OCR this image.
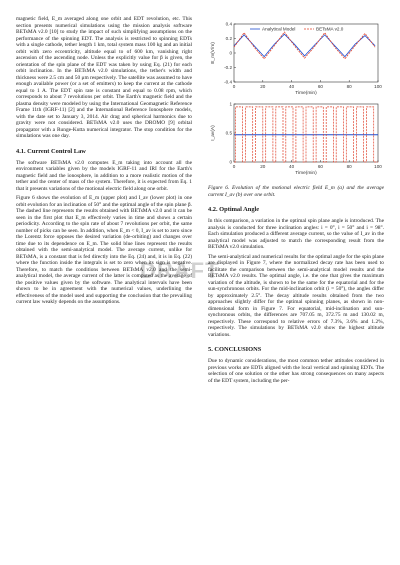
magnetic field, E_m averaged along one orbit and EDT revolution, etc. This section presents numerical simulations using the mission analysis software BETsMA v2.0 [10] to study the impact of such simplifying assumptions on the performance of the spinning EDT. The analysis is restricted to spinning EDTs with a single cathode, tether length 1 km, total system mass 100 kg and an initial orbit with zero eccentricity, altitude equal to of 600 km, vanishing right ascension of the ascending node. Unless the explicitly value for β is given, the orientation of the spin plane of the EDT was taken by using Eq. (21) for each orbit inclination. In the BETsMA v2.0 simulations, the tether's width and thickness were 2.5 cm and 50 μm respectively. The satellite was assumed to have enough available power (or a set of emitters) to keep the current at the cathode equal to 1 A. The EDT spin rate is constant and equal to 0.08 rpm, which corresponds to about 7 revolutions per orbit. The Earth's magnetic field and the plasma density were modeled by using the International Geomagnetic Reference Frame 11th (IGRF-11) [2] and the International Reference Ionosphere models, with the date set to January 3, 2014. Air drag and spherical harmonics due to gravity were not considered. BETsMA v2.0 uses the DROMO [9] orbital propagator with a Runge-Kutta numerical integrator. The stop condition for the simulations was one day.

4.1. Current Control Law

The software BETsMA v2.0 computes E_m taking into account all the environment variables given by the models IGRF-11 and IRI for the Earth's magnetic field and the ionosphere, in addition to a more realistic motion of the tether and the center of mass of the system. Therefore, it is expected from Eq. 1 that it presents variations of the motional electric field along one orbit.

Figure 6 shows the evolution of E_m (upper plot) and I_av (lower plot) in one orbit evolution for an inclination of 50° and the optimal angle of the spin plane β. The dashed line represents the results obtained with BETsMA v2.0 and it can be seen in the first plot that E_m effectively varies in time and shows a certain periodicity. According to the spin rate of about 7 revolutions per orbit, the same number of picks can be seen. In addition, when E_m < 0, I_av is set to zero since the Lorentz force opposes the desired variation (de-orbiting) and changes over time due to its dependence on E_m. The solid blue lines represent the results obtained with the semi-analytical model. The average current, unlike for BETsMA, is a constant that is fed directly into the Eq. (24) and, it is in Eq. (22) where the function inside the integrals is set to zero when its sign is negative. Therefore, to match the conditions between BETsMA v2.0 and the semi-analytical model, the average current of the latter is computed as the average of the positive values given by the software. The analytical intervals have been shown to be in agreement with the numerical values, underlining the effectiveness of the model used and supporting the conclusion that the prevailing current law weakly depends on the assumptions.

0.4
0.2
0
-0.2
-0.4
0	20	40	60	80	100
Time(min)
E_m(V/m)
Analytical Model	BETsMA v2.0
1
0.5
0
0	20	40	60	80	100
Time(min)
I_av(A)
Figure 6. Evolution of the motional electric field E_m (a) and the average current I_av (b) over one orbit.
4.2. Optimal Angle

In this comparison, a variation in the optimal spin plane angle is introduced. The analysis is conducted for three inclination angles: i = 0°, i = 50° and i = 98°. Each simulation produced a different average current, so the value of I_av in the analytical model was adjusted to match the corresponding result from the BETsMA v2.0 simulation.

The semi-analytical and numerical results for the optimal angle for the spin plane are displayed in Figure 7, where the normalized decay rate has been used to facilitate the comparison between the semi-analytical model results and the BETsMA v2.0 results. The optimal angle, i.e. the one that gives the maximum variation of the altitude, is shown to be the same for the equatorial and for the sun-synchronous orbits. For the mid-inclination orbit (i = 50°), the angles differ by approximately 2.5°. The decay altitude results obtained from the two approaches slightly differ for the optimal spinning planes, as shown in non-dimensional form in Figure 7. For equatorial, mid-inclination and sun-synchronous orbits, the differences are 707.05 m, 372.75 m and 130.02 m, respectively. These correspond to relative errors of 7.3%, 3.6% and 1.2%, respectively. The simulations by BETsMA v2.0 show the highest altitude variations.

5. CONCLUSIONS

Due to dynamic considerations, the most common tether attitudes considered in previous works are EDTs aligned with the local vertical and spinning EDTs. The selection of one solution or the other has strong consequences on many aspects of the EDT system, including the per-

DRAFT
